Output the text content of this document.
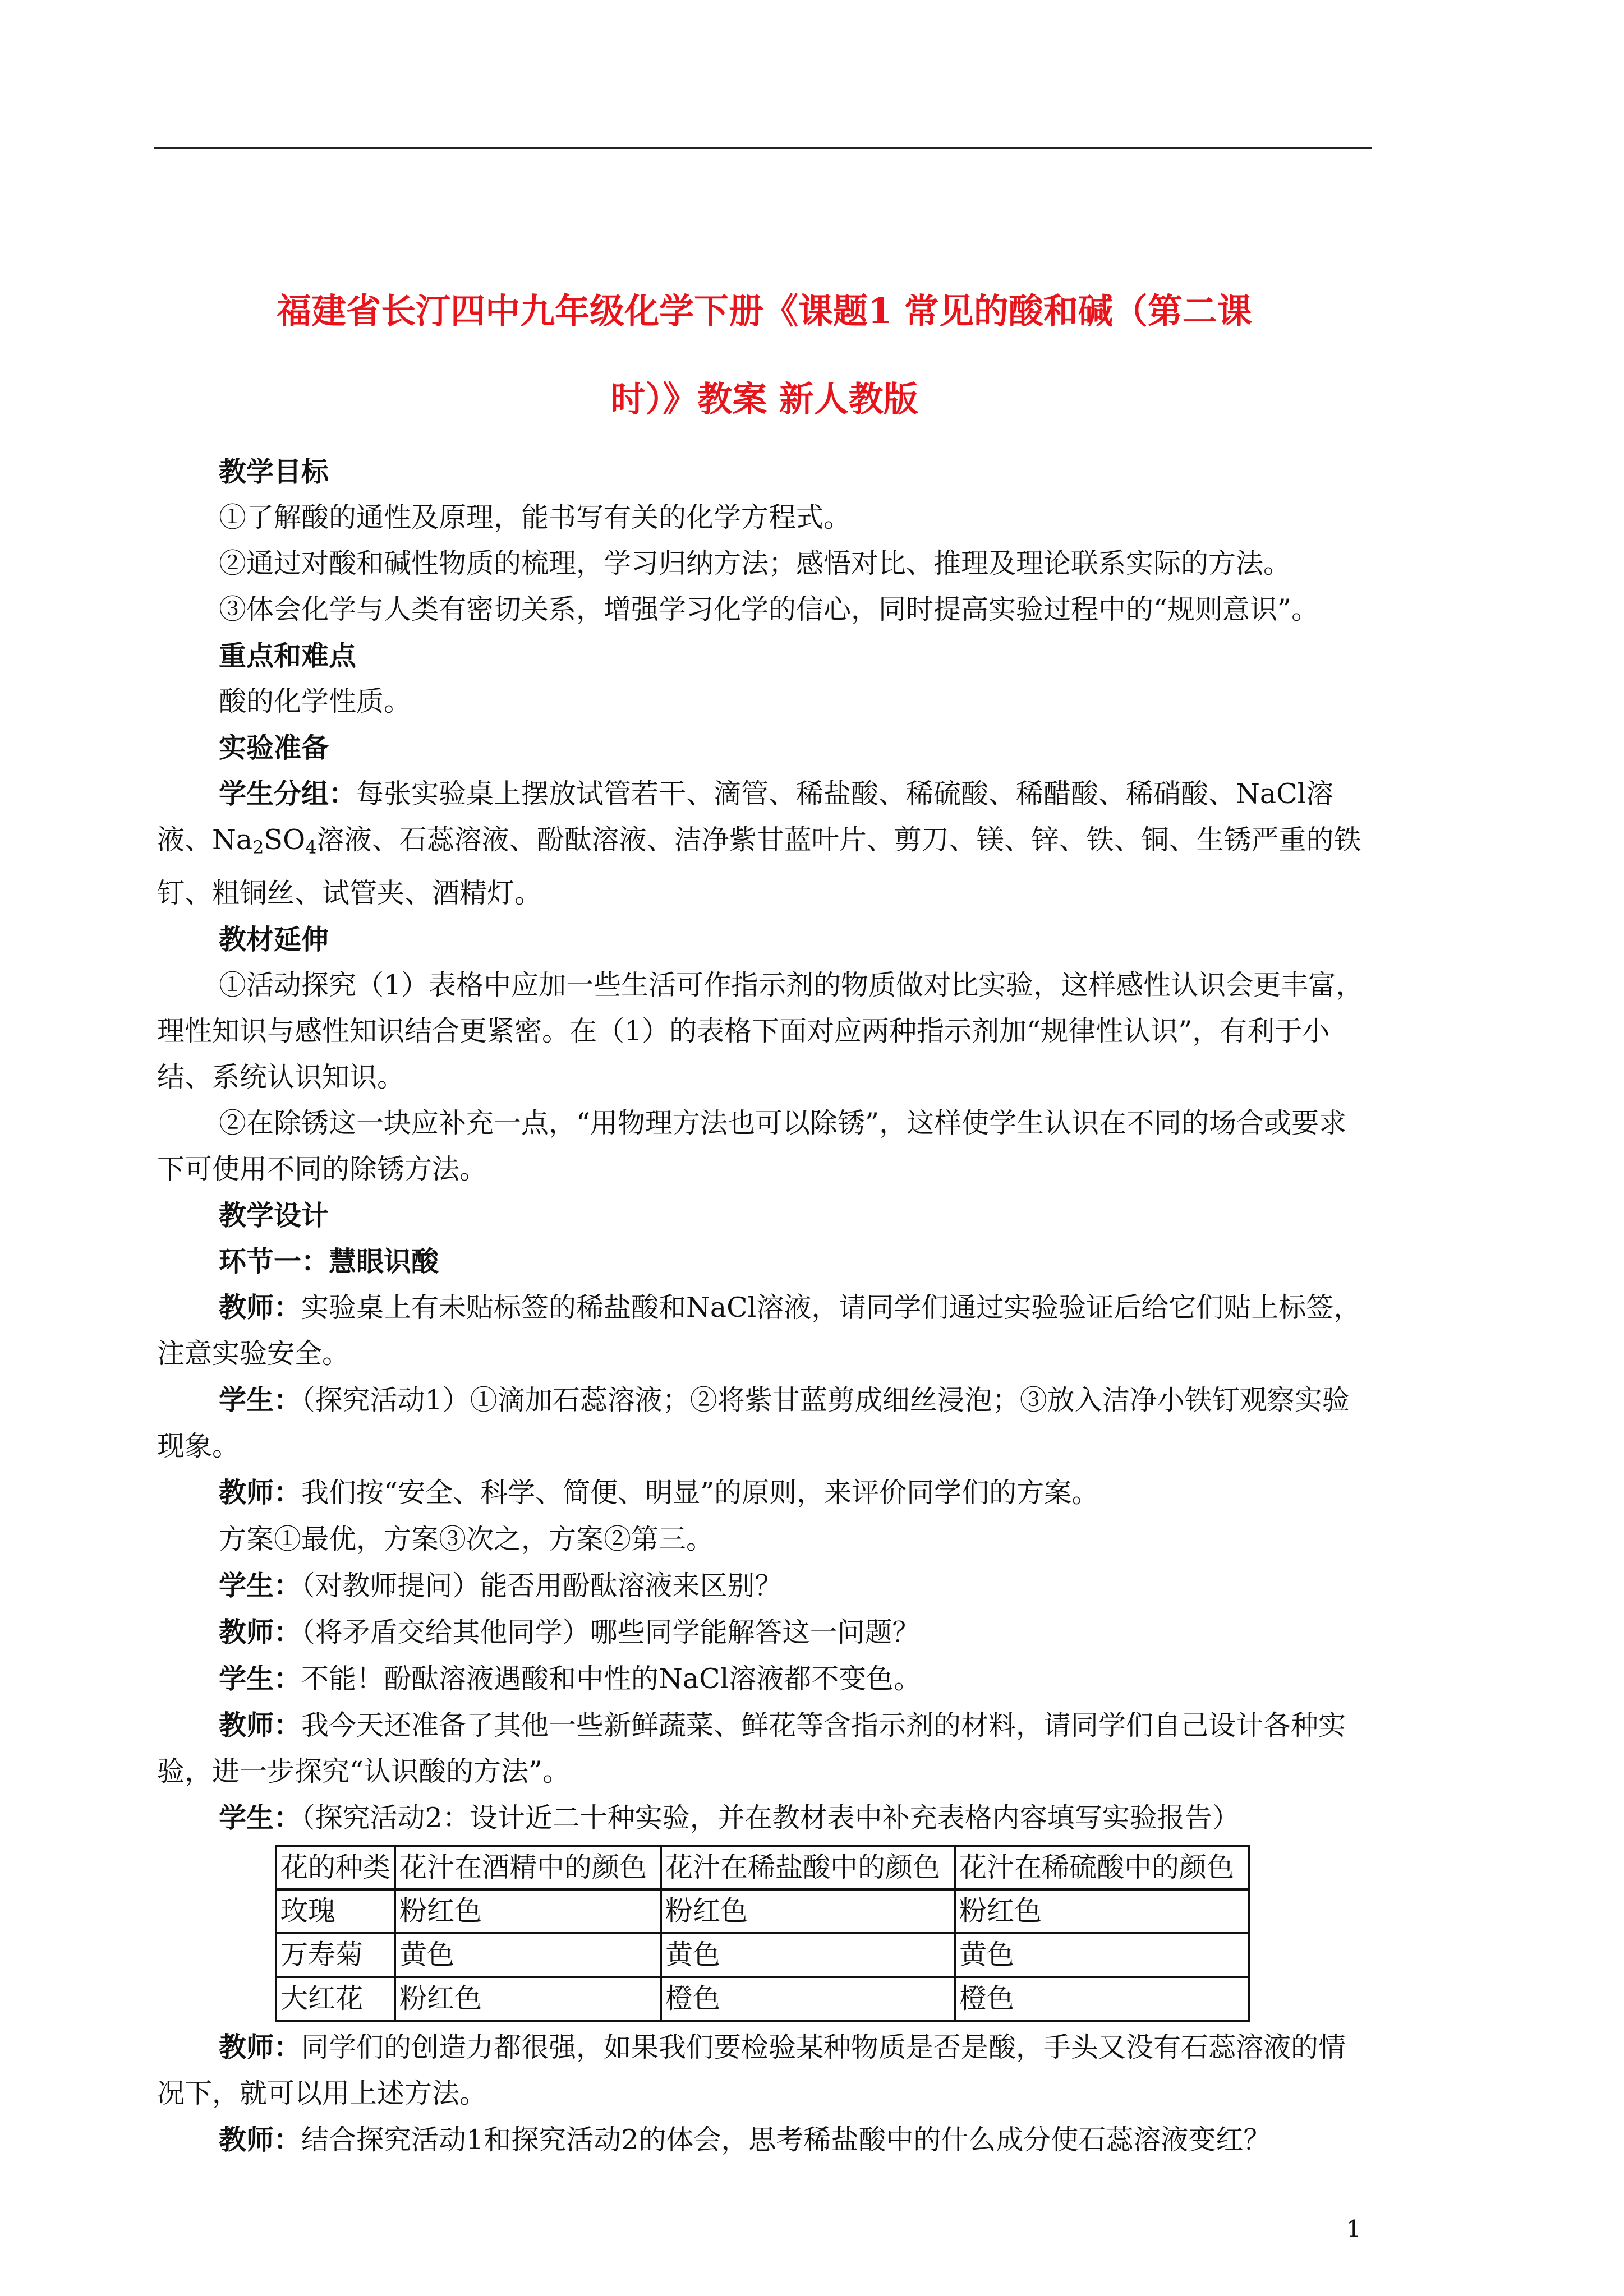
福建省长汀四中九年级化学下册《课题1 常见的酸和碱（第二课
时）》教案 新人教版

教学目标

①了解酸的通性及原理，能书写有关的化学方程式。

②通过对酸和碱性物质的梳理，学习归纳方法；感悟对比、推理及理论联系实际的方法。

③体会化学与人类有密切关系，增强学习化学的信心，同时提高实验过程中的“规则意识”。

重点和难点

酸的化学性质。

实验准备

学生分组：每张实验桌上摆放试管若干、滴管、稀盐酸、稀硫酸、稀醋酸、稀硝酸、NaCl溶液、$Na_2SO_4$溶液、石蕊溶液、酚酞溶液、洁净紫甘蓝叶片、剪刀、镁、锌、铁、铜、生锈严重的铁钉、粗铜丝、试管夹、酒精灯。

教材延伸

①活动探究（1）表格中应加一些生活可作指示剂的物质做对比实验，这样感性认识会更丰富，理性知识与感性知识结合更紧密。在（1）的表格下面对应两种指示剂加“规律性认识”，有利于小结、系统认识知识。

②在除锈这一块应补充一点，“用物理方法也可以除锈”，这样使学生认识在不同的场合或要求下可使用不同的除锈方法。

教学设计

环节一：慧眼识酸

教师：实验桌上有未贴标签的稀盐酸和NaCl溶液，请同学们通过实验验证后给它们贴上标签，注意实验安全。

学生：（探究活动1）①滴加石蕊溶液；②将紫甘蓝剪成细丝浸泡；③放入洁净小铁钉观察实验现象。

教师：我们按“安全、科学、简便、明显”的原则，来评价同学们的方案。

方案①最优，方案③次之，方案②第三。

学生：（对教师提问）能否用酚酞溶液来区别？

教师：（将矛盾交给其他同学）哪些同学能解答这一问题？

学生：不能！酚酞溶液遇酸和中性的NaCl溶液都不变色。

教师：我今天还准备了其他一些新鲜蔬菜、鲜花等含指示剂的材料，请同学们自己设计各种实验，进一步探究“认识酸的方法”。

学生：（探究活动2：设计近二十种实验，并在教材表中补充表格内容填写实验报告）

花的种类	花汁在酒精中的颜色	花汁在稀盐酸中的颜色	花汁在稀硫酸中的颜色
玫瑰	粉红色	粉红色	粉红色
万寿菊	黄色	黄色	黄色
大红花	粉红色	橙色	橙色

教师：同学们的创造力都很强，如果我们要检验某种物质是否是酸，手头又没有石蕊溶液的情况下，就可以用上述方法。

教师：结合探究活动1和探究活动2的体会，思考稀盐酸中的什么成分使石蕊溶液变红？

1
